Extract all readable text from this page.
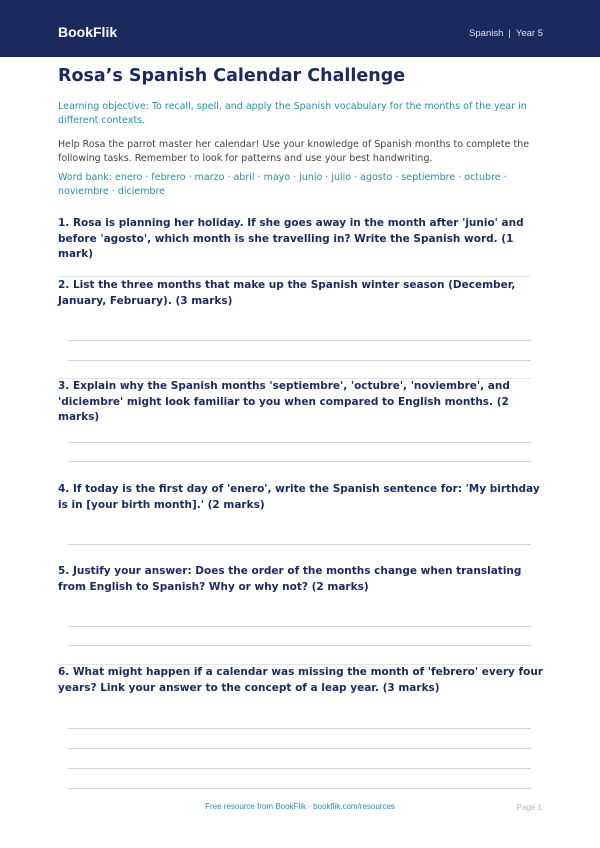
BookFlik	Spanish | Year 5
Rosa’s Spanish Calendar Challenge
Learning objective: To recall, spell, and apply the Spanish vocabulary for the months of the year in different contexts.
Help Rosa the parrot master her calendar! Use your knowledge of Spanish months to complete the following tasks. Remember to look for patterns and use your best handwriting.
Word bank: enero · febrero · marzo · abril · mayo · junio · julio · agosto · septiembre · octubre · noviembre · diciembre
1. Rosa is planning her holiday. If she goes away in the month after 'junio' and before 'agosto', which month is she travelling in? Write the Spanish word. (1 mark)
2. List the three months that make up the Spanish winter season (December, January, February). (3 marks)
3. Explain why the Spanish months 'septiembre', 'octubre', 'noviembre', and 'diciembre' might look familiar to you when compared to English months. (2 marks)
4. If today is the first day of 'enero', write the Spanish sentence for: 'My birthday is in [your birth month].' (2 marks)
5. Justify your answer: Does the order of the months change when translating from English to Spanish? Why or why not? (2 marks)
6. What might happen if a calendar was missing the month of 'febrero' every four years? Link your answer to the concept of a leap year. (3 marks)
Free resource from BookFlik · bookflik.com/resources	Page 1
